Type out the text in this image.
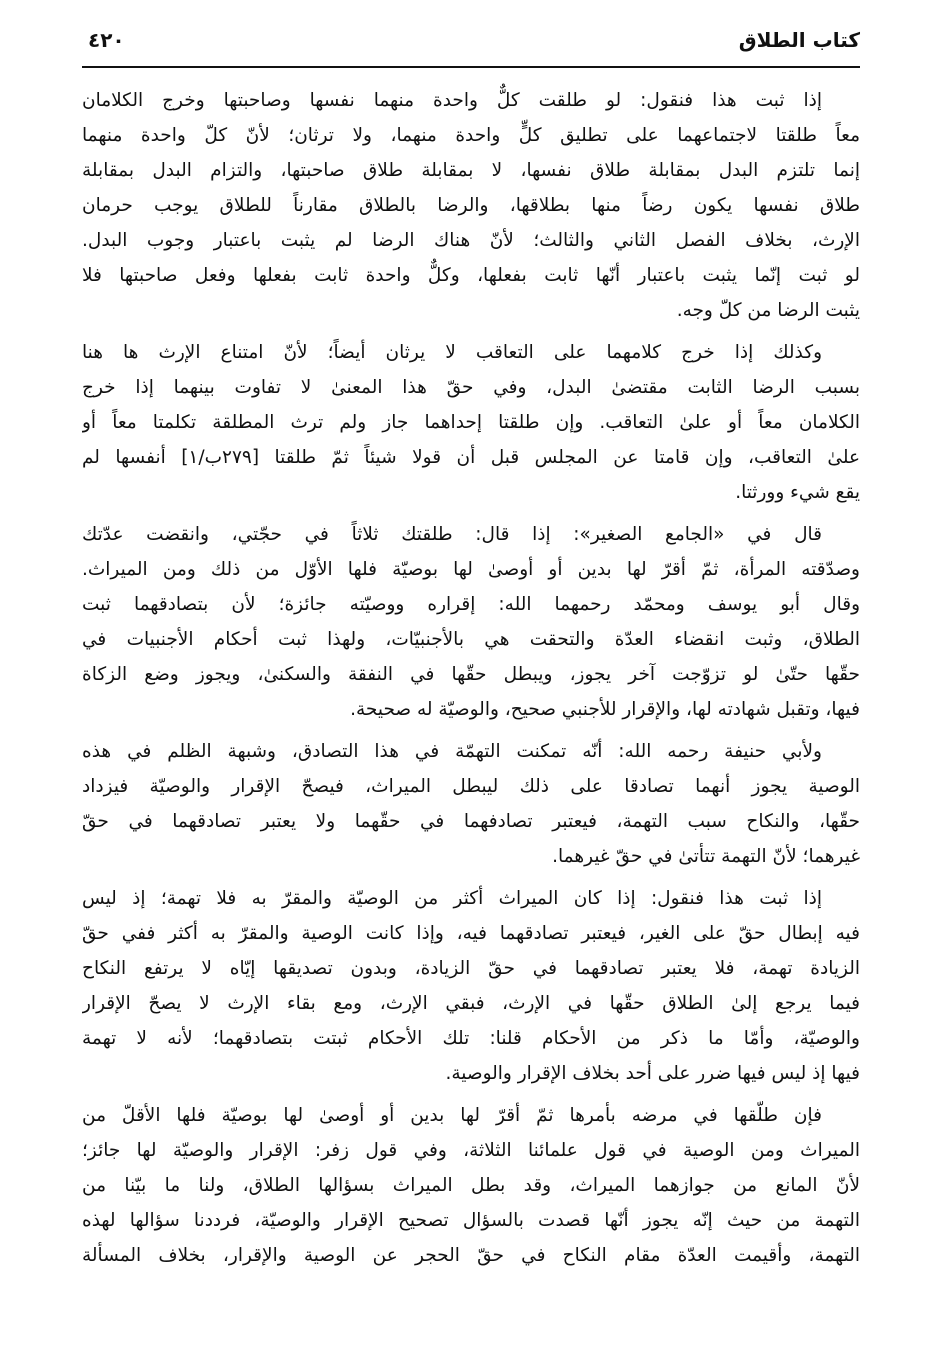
٤٢٠	كتاب الطلاق
إذا ثبت هذا فنقول: لو طلقت كلٌّ واحدة منهما نفسها وصاحبتها وخرج الكلامان
معاً طلقتا لاجتماعهما على تطليق كلٍّ واحدة منهما، ولا ترثان؛ لأنّ كلّ واحدة منهما
إنما تلتزم البدل بمقابلة طلاق نفسها، لا بمقابلة طلاق صاحبتها، والتزام البدل بمقابلة
طلاق نفسها يكون رضاً منها بطلاقها، والرضا بالطلاق مقارناً للطلاق يوجب حرمان
الإرث، بخلاف الفصل الثاني والثالث؛ لأنّ هناك الرضا لم يثبت باعتبار وجوب البدل.
لو ثبت إنّما يثبت باعتبار أنّها ثابت بفعلها، وكلٌّ واحدة ثابت بفعلها وفعل صاحبتها فلا
يثبت الرضا من كلّ وجه.
وكذلك إذا خرج كلامهما على التعاقب لا يرثان أيضاً؛ لأنّ امتناع الإرث ها هنا
بسبب الرضا الثابت مقتضىٰ البدل، وفي حقّ هذا المعنىٰ لا تفاوت بينهما إذا خرج
الكلامان معاً أو علىٰ التعاقب. وإن طلقتا إحداهما جاز ولم ترث المطلقة تكلمتا معاً أو
علىٰ التعاقب، وإن قامتا عن المجلس قبل أن قولا شيئاً ثمّ طلقتا [٢٧٩ب/١] أنفسها لم
يقع شيء وورثتا.
قال في «الجامع الصغير»: إذا قال: طلقتك ثلاثاً في حجّتي، وانقضت عدّتك
وصدّقته المرأة، ثمّ أقرّ لها بدين أو أوصىٰ لها بوصيّة فلها الأوّل من ذلك ومن الميراث.
وقال أبو يوسف ومحمّد رحمهما الله: إقراره ووصيّته جائزة؛ لأن بتصادقهما ثبت
الطلاق، وثبت انقضاء العدّة والتحقت هي بالأجنبيّات، ولهذا ثبت أحكام الأجنبيات في
حقّها حتّىٰ لو تزوّجت آخر يجوز، ويبطل حقّها في النفقة والسكنىٰ، ويجوز وضع الزكاة
فيها، وتقبل شهادته لها، والإقرار للأجنبي صحيح، والوصيّة له صحيحة.
ولأبي حنيفة رحمه الله: أنّه تمكنت التهمّة في هذا التصادق، وشبهة الظلم في هذه
الوصية يجوز أنهما تصادقا على ذلك ليبطل الميراث، فيصحّ الإقرار والوصيّة فيزداد
حقّها، والنكاح سبب التهمة، فيعتبر تصادفهما في حقّهما ولا يعتبر تصادقهما في حقّ
غيرهما؛ لأنّ التهمة تتأتىٰ في حقّ غيرهما.
إذا ثبت هذا فنقول: إذا كان الميراث أكثر من الوصيّة والمقرّ به فلا تهمة؛ إذ ليس
فيه إبطال حقّ على الغير، فيعتبر تصادقهما فيه، وإذا كانت الوصية والمقرّ به أكثر ففي حقّ
الزيادة تهمة، فلا يعتبر تصادقهما في حقّ الزيادة، وبدون تصديقها إيّاه لا يرتفع النكاح
فيما يرجع إلىٰ الطلاق حقّها في الإرث، فبقي الإرث، ومع بقاء الإرث لا يصحّ الإقرار
والوصيّة، وأمّا ما ذكر من الأحكام قلنا: تلك الأحكام ثبتت بتصادقهما؛ لأنه لا تهمة
فيها إذ ليس فيها ضرر على أحد بخلاف الإقرار والوصية.
فإن طلّقها في مرضه بأمرها ثمّ أقرّ لها بدين أو أوصىٰ لها بوصيّة فلها الأقلّ من
الميراث ومن الوصية في قول علمائنا الثلاثة، وفي قول زفر: الإقرار والوصيّة لها جائز؛
لأنّ المانع من جوازهما الميراث، وقد بطل الميراث بسؤالها الطلاق، ولنا ما بيّنا من
التهمة من حيث إنّه يجوز أنّها قصدت بالسؤال تصحيح الإقرار والوصيّة، فرددنا سؤالها لهذه
التهمة، وأقيمت العدّة مقام النكاح في حقّ الحجر عن الوصية والإقرار، بخلاف المسألة
